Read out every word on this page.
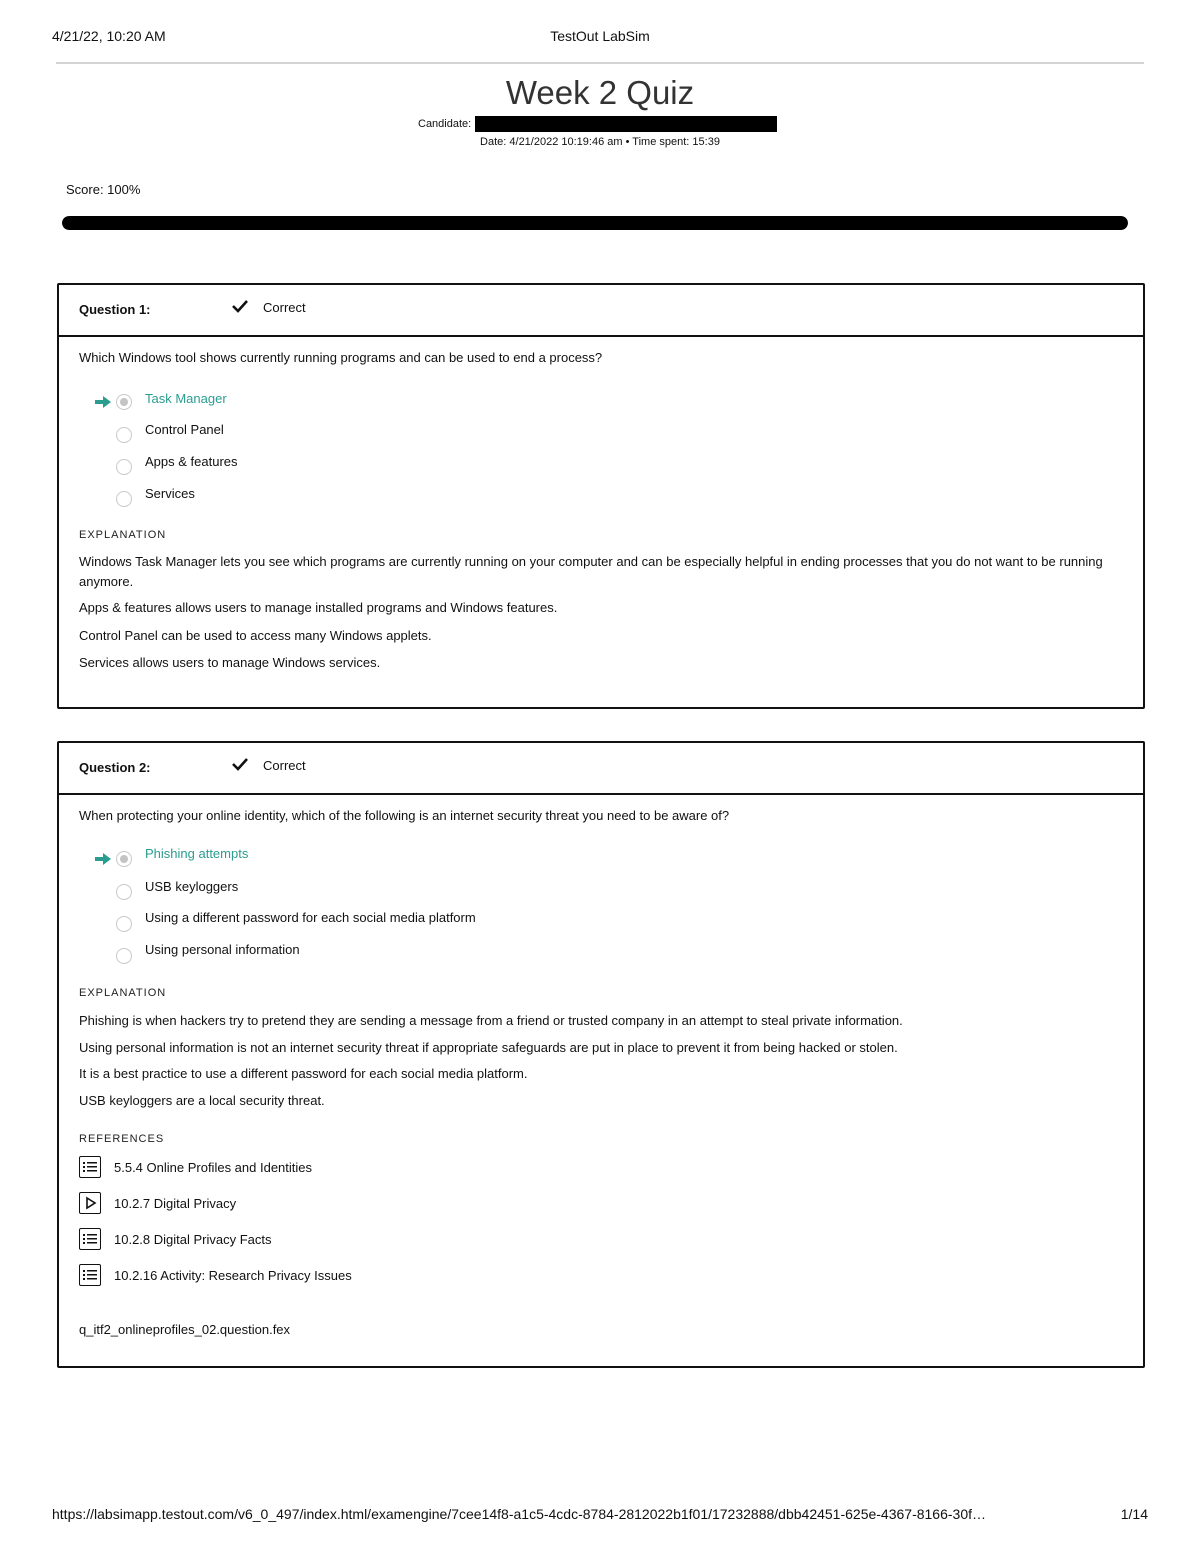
4/21/22, 10:20 AM	TestOut LabSim
Week 2 Quiz
Candidate:
Date: 4/21/2022 10:19:46 am • Time spent: 15:39
Score: 100%
Question 1:	Correct
Which Windows tool shows currently running programs and can be used to end a process?
Task Manager
Control Panel
Apps & features
Services
EXPLANATION
Windows Task Manager lets you see which programs are currently running on your computer and can be especially helpful in ending processes that you do not want to be running anymore.
Apps & features allows users to manage installed programs and Windows features.
Control Panel can be used to access many Windows applets.
Services allows users to manage Windows services.
Question 2:	Correct
When protecting your online identity, which of the following is an internet security threat you need to be aware of?
Phishing attempts
USB keyloggers
Using a different password for each social media platform
Using personal information
EXPLANATION
Phishing is when hackers try to pretend they are sending a message from a friend or trusted company in an attempt to steal private information.
Using personal information is not an internet security threat if appropriate safeguards are put in place to prevent it from being hacked or stolen.
It is a best practice to use a different password for each social media platform.
USB keyloggers are a local security threat.
REFERENCES
5.5.4 Online Profiles and Identities
10.2.7 Digital Privacy
10.2.8 Digital Privacy Facts
10.2.16 Activity: Research Privacy Issues
q_itf2_onlineprofiles_02.question.fex
https://labsimapp.testout.com/v6_0_497/index.html/examengine/7cee14f8-a1c5-4cdc-8784-2812022b1f01/17232888/dbb42451-625e-4367-8166-30f…	1/14
